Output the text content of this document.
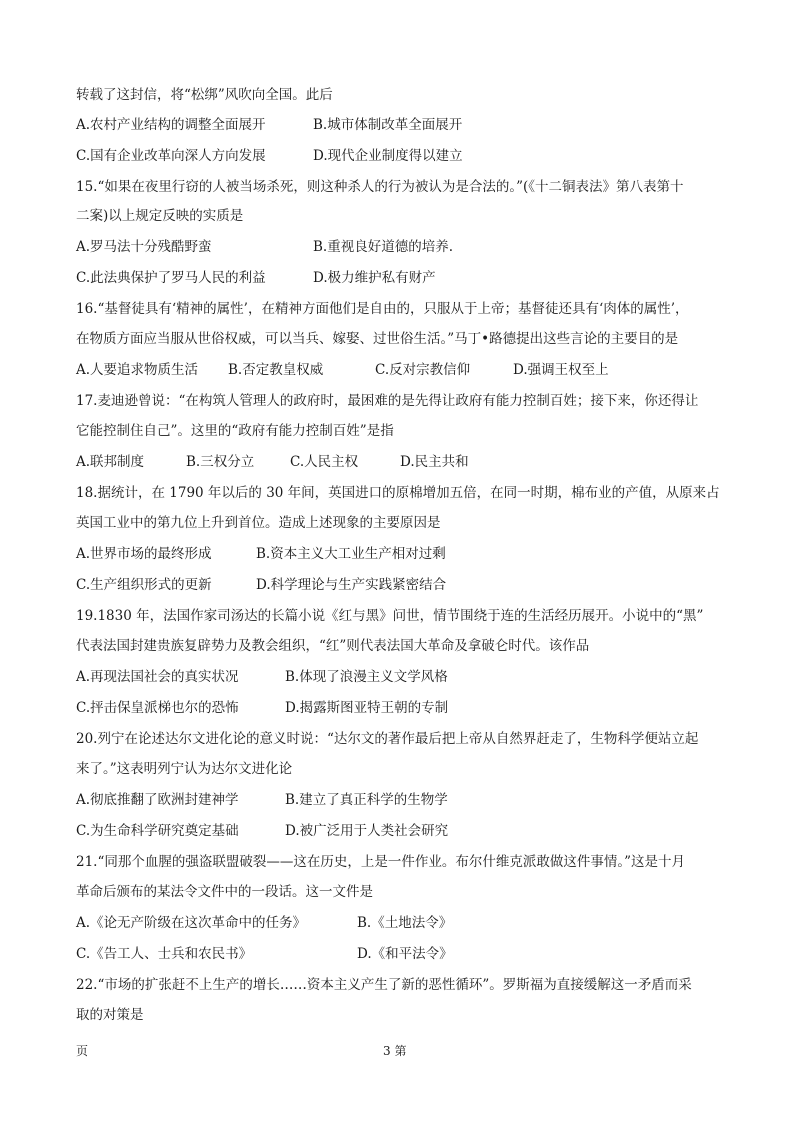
转载了这封信，将“松绑”风吹向全国。此后
A.农村产业结构的调整全面展开	B.城市体制改革全面展开
C.国有企业改革向深人方向发展	D.现代企业制度得以建立
15.“如果在夜里行窃的人被当场杀死，则这种杀人的行为被认为是合法的。”(《十二铜表法》第八表第十
二案)以上规定反映的实质是
A.罗马法十分残酷野蛮	B.重视良好道德的培养.
C.此法典保护了罗马人民的利益	D.极力维护私有财产
16.“基督徒具有‘精神的属性’，在精神方面他们是自由的，只服从于上帝；基督徒还具有‘肉体的属性’，
在物质方面应当服从世俗权威，可以当兵、嫁娶、过世俗生活。”马丁•路德提出这些言论的主要目的是
A.人要追求物质生活 B.否定教皇权威	C.反对宗教信仰	D.强调王权至上
17.麦迪逊曾说：“在构筑人管理人的政府时，最困难的是先得让政府有能力控制百姓；接下来，你还得让
它能控制住自己”。这里的“政府有能力控制百姓”是指
A.联邦制度	B.三权分立	C.人民主权	D.民主共和
18.据统计，在 1790 年以后的 30 年间，英国进口的原棉增加五倍，在同一时期，棉布业的产值，从原来占
英国工业中的第九位上升到首位。造成上述现象的主要原因是
A.世界市场的最终形成	B.资本主义大工业生产相对过剩
C.生产组织形式的更新	D.科学理论与生产实践紧密结合
19.1830 年，法国作家司汤达的长篇小说《红与黑》问世，情节围绕于连的生活经历展开。小说中的“黑”
代表法国封建贵族复辟势力及教会组织，“红”则代表法国大革命及拿破仑时代。该作品
A.再现法国社会的真实状况	B.体现了浪漫主义文学风格
C.抨击保皇派梯也尔的恐怖	D.揭露斯图亚特王朝的专制
20.列宁在论述达尔文进化论的意义时说：“达尔文的著作最后把上帝从自然界赶走了，生物科学便站立起
来了。”这表明列宁认为达尔文进化论
A.彻底推翻了欧洲封建神学	B.建立了真正科学的生物学
C.为生命科学研究奠定基础	D.被广泛用于人类社会研究
21.“同那个血腥的强盗联盟破裂——这在历史，上是一件作业。布尔什维克派敢做这件事情。”这是十月
革命后颁布的某法令文件中的一段话。这一文件是
A.《论无产阶级在这次革命中的任务》	B.《土地法令》
C.《告工人、士兵和农民书》	D.《和平法令》
22.“市场的扩张赶不上生产的增长……资本主义产生了新的恶性循环”。罗斯福为直接缓解这一矛盾而采
取的对策是
页	3 第
